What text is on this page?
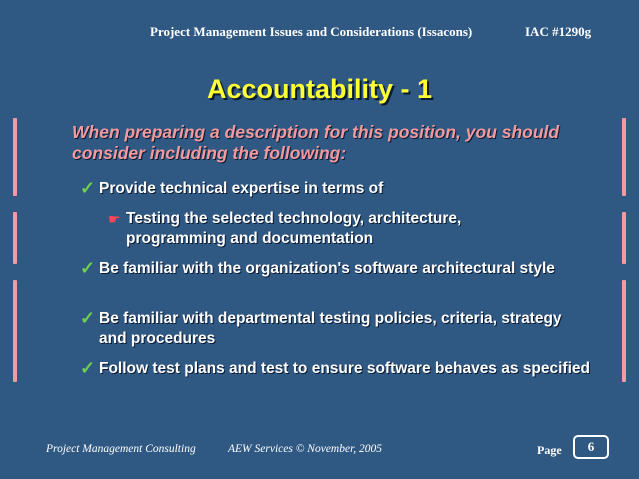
Project Management Issues and Considerations (Issacons)	IAC #1290g
Accountability - 1
When preparing a description for this position, you should consider including the following:
✓ Provide technical expertise in terms of
☛ Testing the selected technology, architecture, programming and documentation
✓ Be familiar with the organization's software architectural style
✓ Be familiar with departmental testing policies, criteria, strategy and procedures
✓ Follow test plans and test to ensure software behaves as specified
Project Management Consulting	AEW Services © November, 2005	Page	6
